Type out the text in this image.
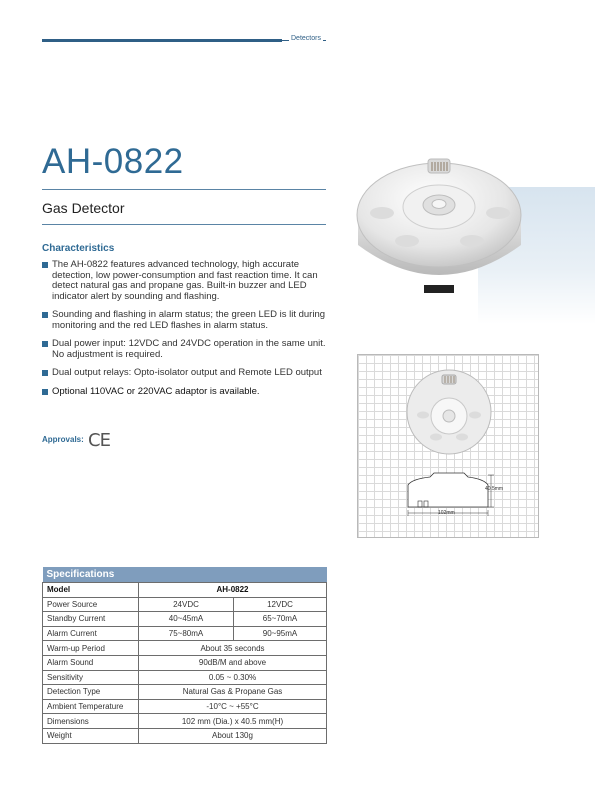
Detectors
AH-0822
Gas Detector
Characteristics
The AH-0822 features advanced technology, high accurate detection, low power-consumption and fast reaction time. It can detect natural gas and propane gas. Built-in buzzer and LED indicator alert by sounding and flashing.
Sounding and flashing in alarm status; the green LED is lit during monitoring and the red LED flashes in alarm status.
Dual power input: 12VDC and 24VDC operation in the same unit. No adjustment is required.
Dual output relays: Opto-isolator output and Remote LED output
Optional 110VAC or 220VAC adaptor is available.
Approvals: CE
40.5mm
102mm
Specifications		
Model	AH-0822	
Power Source	24VDC	12VDC
Standby Current	40~45mA	65~70mA
Alarm Current	75~80mA	90~95mA
Warm-up Period	About 35 seconds	
Alarm Sound	90dB/M and above	
Sensitivity	0.05 ~ 0.30%	
Detection Type	Natural Gas & Propane Gas	
Ambient Temperature	-10°C ~ +55°C	
Dimensions	102 mm (Dia.) x 40.5 mm(H)	
Weight	About 130g	
